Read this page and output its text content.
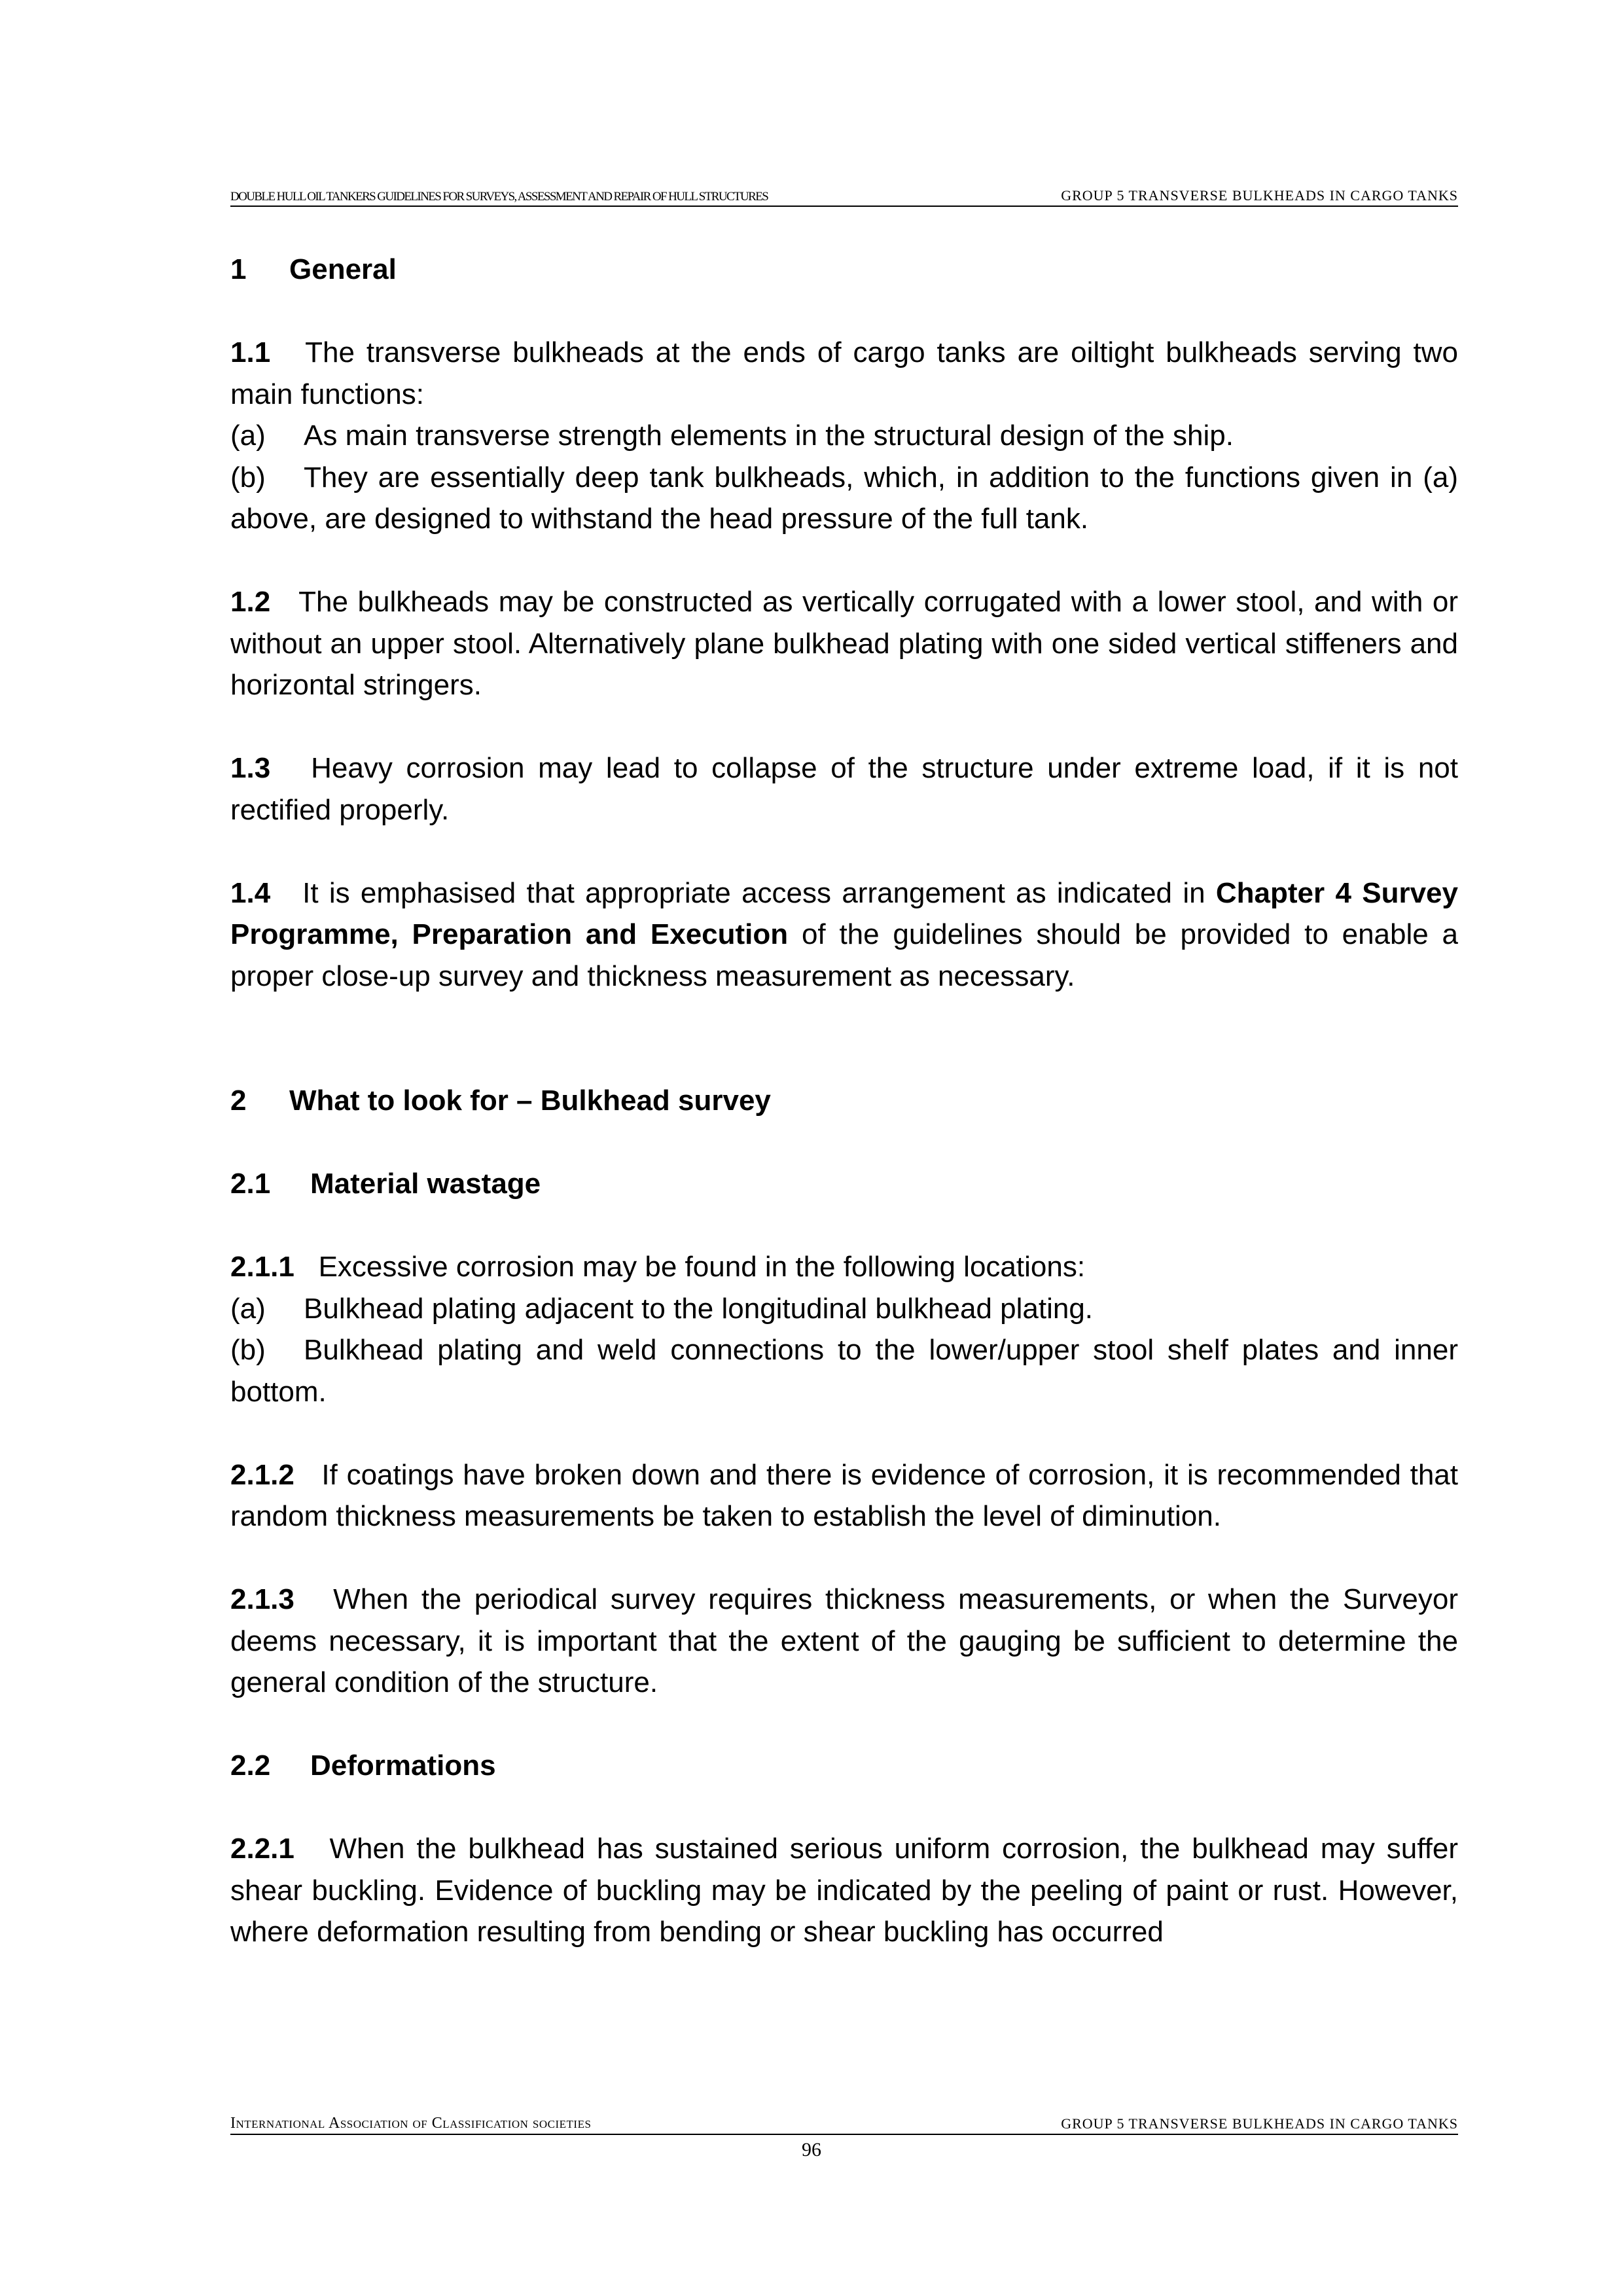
DOUBLE HULL OIL TANKERS GUIDELINES FOR SURVEYS, ASSESSMENT AND REPAIR OF HULL STRUCTURES	GROUP 5 TRANSVERSE BULKHEADS IN CARGO TANKS

1 General

1.1 The transverse bulkheads at the ends of cargo tanks are oiltight bulkheads serving two main functions:

(a) As main transverse strength elements in the structural design of the ship.

(b) They are essentially deep tank bulkheads, which, in addition to the functions given in (a) above, are designed to withstand the head pressure of the full tank.

1.2 The bulkheads may be constructed as vertically corrugated with a lower stool, and with or without an upper stool. Alternatively plane bulkhead plating with one sided vertical stiffeners and horizontal stringers.

1.3 Heavy corrosion may lead to collapse of the structure under extreme load, if it is not rectified properly.

1.4 It is emphasised that appropriate access arrangement as indicated in Chapter 4 Survey Programme, Preparation and Execution of the guidelines should be provided to enable a proper close-up survey and thickness measurement as necessary.

2 What to look for – Bulkhead survey

2.1 Material wastage

2.1.1 Excessive corrosion may be found in the following locations:

(a) Bulkhead plating adjacent to the longitudinal bulkhead plating.

(b) Bulkhead plating and weld connections to the lower/upper stool shelf plates and inner bottom.

2.1.2 If coatings have broken down and there is evidence of corrosion, it is recommended that random thickness measurements be taken to establish the level of diminution.

2.1.3 When the periodical survey requires thickness measurements, or when the Surveyor deems necessary, it is important that the extent of the gauging be sufficient to determine the general condition of the structure.

2.2 Deformations

2.2.1 When the bulkhead has sustained serious uniform corrosion, the bulkhead may suffer shear buckling. Evidence of buckling may be indicated by the peeling of paint or rust. However, where deformation resulting from bending or shear buckling has occurred

International Association of Classification societies	GROUP 5 TRANSVERSE BULKHEADS IN CARGO TANKS
96
